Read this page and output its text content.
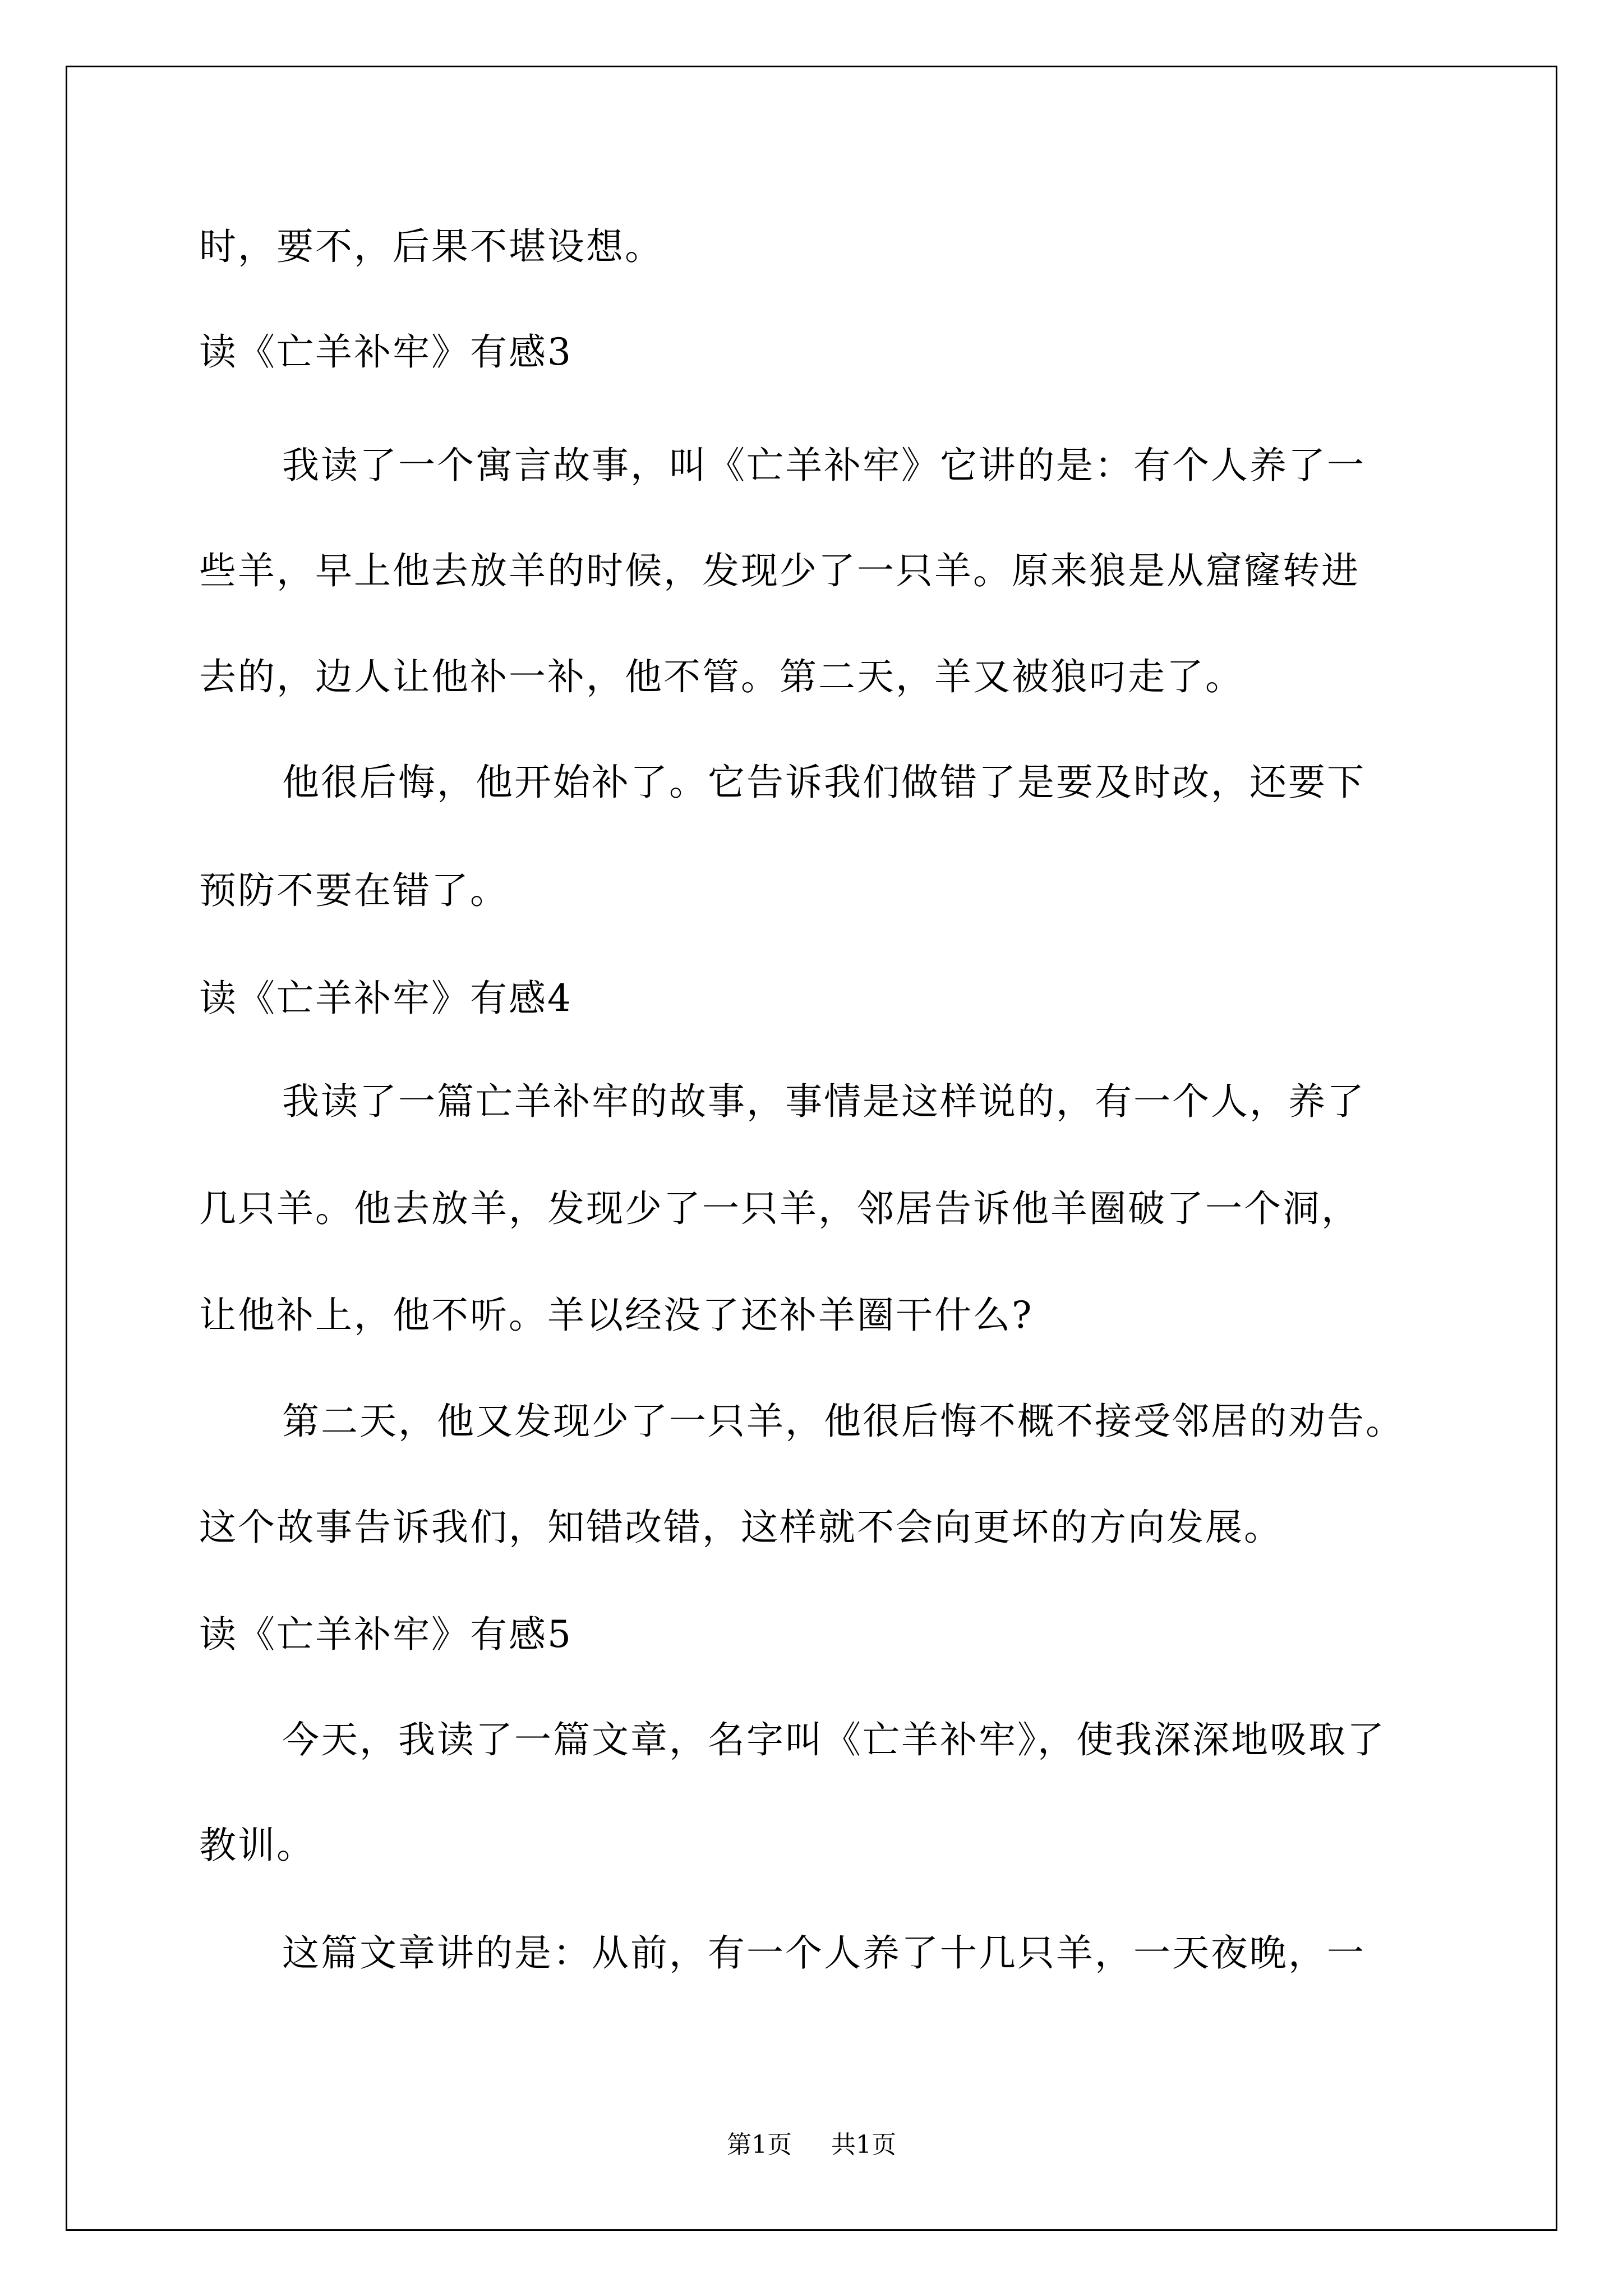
时，要不，后果不堪设想。
读《亡羊补牢》有感3
我读了一个寓言故事，叫《亡羊补牢》它讲的是：有个人养了一
些羊，早上他去放羊的时候，发现少了一只羊。原来狼是从窟窿转进
去的，边人让他补一补，他不管。第二天，羊又被狼叼走了。
他很后悔，他开始补了。它告诉我们做错了是要及时改，还要下
预防不要在错了。
读《亡羊补牢》有感4
我读了一篇亡羊补牢的故事，事情是这样说的，有一个人，养了
几只羊。他去放羊，发现少了一只羊，邻居告诉他羊圈破了一个洞，
让他补上，他不听。羊以经没了还补羊圈干什么?
第二天，他又发现少了一只羊，他很后悔不概不接受邻居的劝告。
这个故事告诉我们，知错改错，这样就不会向更坏的方向发展。
读《亡羊补牢》有感5
今天，我读了一篇文章，名字叫《亡羊补牢》，使我深深地吸取了
教训。
这篇文章讲的是：从前，有一个人养了十几只羊，一天夜晚，一
第1页 共1页
